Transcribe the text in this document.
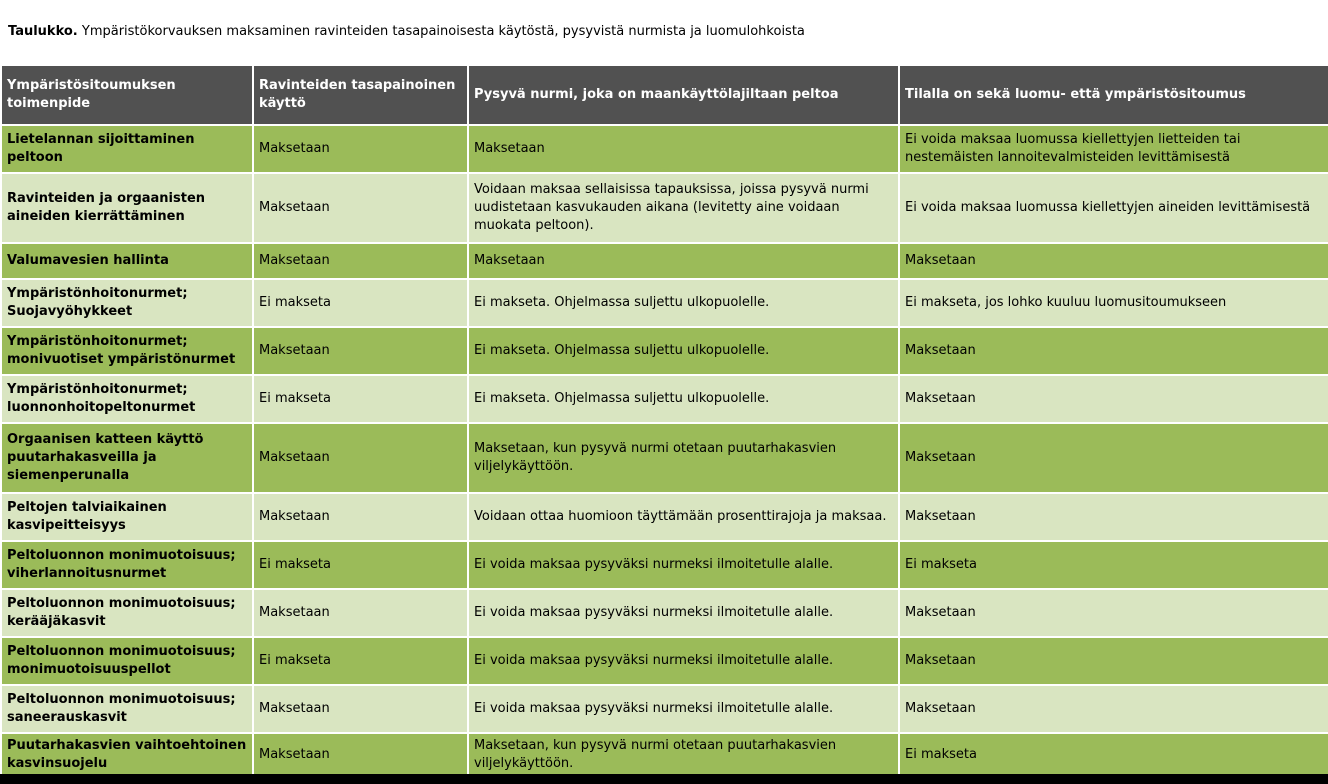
Taulukko. Ympäristökorvauksen maksaminen ravinteiden tasapainoisesta käytöstä, pysyvistä nurmista ja luomulohkoista
Ympäristösitoumuksen toimenpide	Ravinteiden tasapainoinen käyttö	Pysyvä nurmi, joka on maankäyttölajiltaan peltoa	Tilalla on sekä luomu- että ympäristösitoumus
Lietelannan sijoittaminen peltoon	Maksetaan	Maksetaan	Ei voida maksaa luomussa kiellettyjen lietteiden tai nestemäisten lannoitevalmisteiden levittämisestä
Ravinteiden ja orgaanisten aineiden kierrättäminen	Maksetaan	Voidaan maksaa sellaisissa tapauksissa, joissa pysyvä nurmi uudistetaan kasvukauden aikana (levitetty aine voidaan muokata peltoon).	Ei voida maksaa luomussa kiellettyjen aineiden levittämisestä
Valumavesien hallinta	Maksetaan	Maksetaan	Maksetaan
Ympäristönhoitonurmet; Suojavyöhykkeet	Ei makseta	Ei makseta. Ohjelmassa suljettu ulkopuolelle.	Ei makseta, jos lohko kuuluu luomusitoumukseen
Ympäristönhoitonurmet; monivuotiset ympäristönurmet	Maksetaan	Ei makseta. Ohjelmassa suljettu ulkopuolelle.	Maksetaan
Ympäristönhoitonurmet; luonnonhoitopeltonurmet	Ei makseta	Ei makseta. Ohjelmassa suljettu ulkopuolelle.	Maksetaan
Orgaanisen katteen käyttö puutarhakasveilla ja siemenperunalla	Maksetaan	Maksetaan, kun pysyvä nurmi otetaan puutarhakasvien viljelykäyttöön.	Maksetaan
Peltojen talviaikainen kasvipeitteisyys	Maksetaan	Voidaan ottaa huomioon täyttämään prosenttirajoja ja maksaa.	Maksetaan
Peltoluonnon monimuotoisuus; viherlannoitusnurmet	Ei makseta	Ei voida maksaa pysyväksi nurmeksi ilmoitetulle alalle.	Ei makseta
Peltoluonnon monimuotoisuus; kerääjäkasvit	Maksetaan	Ei voida maksaa pysyväksi nurmeksi ilmoitetulle alalle.	Maksetaan
Peltoluonnon monimuotoisuus; monimuotoisuuspellot	Ei makseta	Ei voida maksaa pysyväksi nurmeksi ilmoitetulle alalle.	Maksetaan
Peltoluonnon monimuotoisuus; saneerauskasvit	Maksetaan	Ei voida maksaa pysyväksi nurmeksi ilmoitetulle alalle.	Maksetaan
Puutarhakasvien vaihtoehtoinen kasvinsuojelu	Maksetaan	Maksetaan, kun pysyvä nurmi otetaan puutarhakasvien viljelykäyttöön.	Ei makseta
